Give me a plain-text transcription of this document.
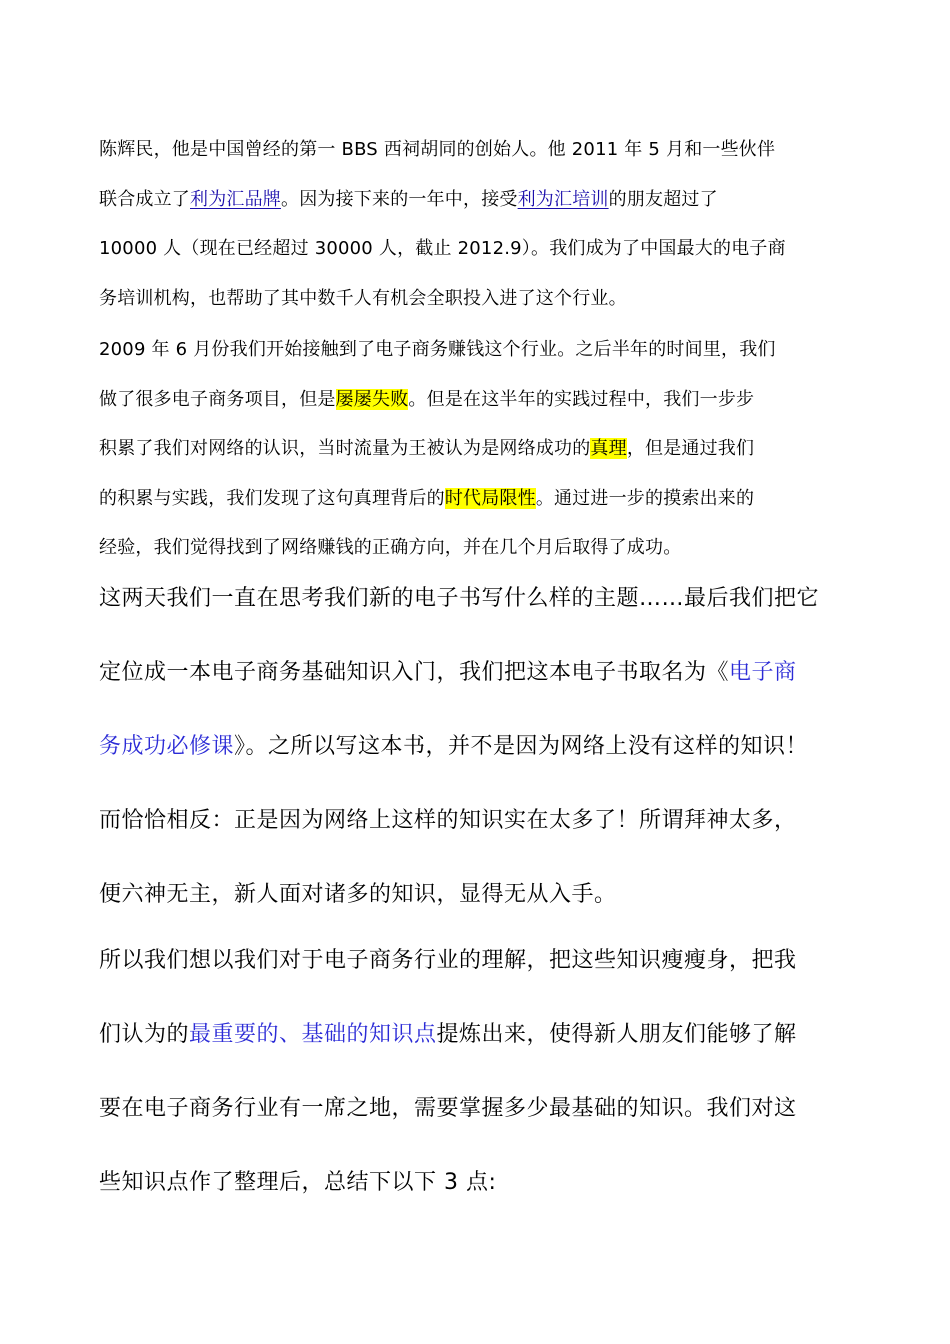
陈辉民，他是中国曾经的第一 BBS 西祠胡同的创始人。他 2011 年 5 月和一些伙伴
联合成立了利为汇品牌。因为接下来的一年中，接受利为汇培训的朋友超过了
10000 人（现在已经超过 30000 人，截止 2012.9）。我们成为了中国最大的电子商
务培训机构，也帮助了其中数千人有机会全职投入进了这个行业。
2009 年 6 月份我们开始接触到了电子商务赚钱这个行业。之后半年的时间里，我们
做了很多电子商务项目，但是屡屡失败。但是在这半年的实践过程中，我们一步步
积累了我们对网络的认识，当时流量为王被认为是网络成功的真理，但是通过我们
的积累与实践，我们发现了这句真理背后的时代局限性。通过进一步的摸索出来的
经验，我们觉得找到了网络赚钱的正确方向，并在几个月后取得了成功。
这两天我们一直在思考我们新的电子书写什么样的主题……最后我们把它
定位成一本电子商务基础知识入门，我们把这本电子书取名为《电子商
务成功必修课》。之所以写这本书，并不是因为网络上没有这样的知识！
而恰恰相反：正是因为网络上这样的知识实在太多了！所谓拜神太多，
便六神无主，新人面对诸多的知识，显得无从入手。
所以我们想以我们对于电子商务行业的理解，把这些知识瘦瘦身，把我
们认为的最重要的、基础的知识点提炼出来，使得新人朋友们能够了解
要在电子商务行业有一席之地，需要掌握多少最基础的知识。我们对这
些知识点作了整理后，总结下以下 3 点:
